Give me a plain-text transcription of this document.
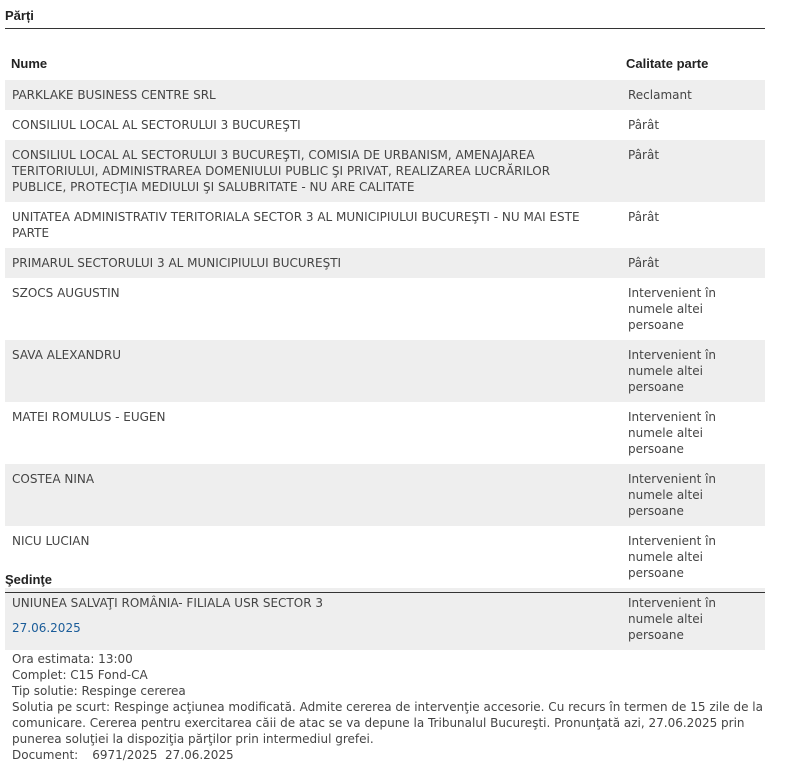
Părți
Nume	Calitate parte
PARKLAKE BUSINESS CENTRE SRL	Reclamant
CONSILIUL LOCAL AL SECTORULUI 3 BUCUREŞTI	Pârât
CONSILIUL LOCAL AL SECTORULUI 3 BUCUREŞTI, COMISIA DE URBANISM, AMENAJAREA TERITORIULUI, ADMINISTRAREA DOMENIULUI PUBLIC ŞI PRIVAT, REALIZAREA LUCRĂRILOR PUBLICE, PROTECŢIA MEDIULUI ŞI SALUBRITATE - NU ARE CALITATE	Pârât
UNITATEA ADMINISTRATIV TERITORIALA SECTOR 3 AL MUNICIPIULUI BUCUREŞTI - NU MAI ESTE PARTE	Pârât
PRIMARUL SECTORULUI 3 AL MUNICIPIULUI BUCUREŞTI	Pârât
SZOCS AUGUSTIN	Intervenient în numele altei persoane
SAVA ALEXANDRU	Intervenient în numele altei persoane
MATEI ROMULUS - EUGEN	Intervenient în numele altei persoane
COSTEA NINA	Intervenient în numele altei persoane
NICU LUCIAN	Intervenient în numele altei persoane
UNIUNEA SALVAŢI ROMÂNIA- FILIALA USR SECTOR 3	Intervenient în numele altei persoane
Şedinţe
27.06.2025
Ora estimata: 13:00
Complet: C15 Fond-CA
Tip solutie: Respinge cererea
Solutia pe scurt: Respinge acţiunea modificată. Admite cererea de intervenţie accesorie. Cu recurs în termen de 15 zile de la comunicare. Cererea pentru exercitarea căii de atac se va depune la Tribunalul Bucureşti. Pronunţată azi, 27.06.2025 prin punerea soluţiei la dispoziţia părţilor prin intermediul grefei.
Document: 6971/2025 27.06.2025
